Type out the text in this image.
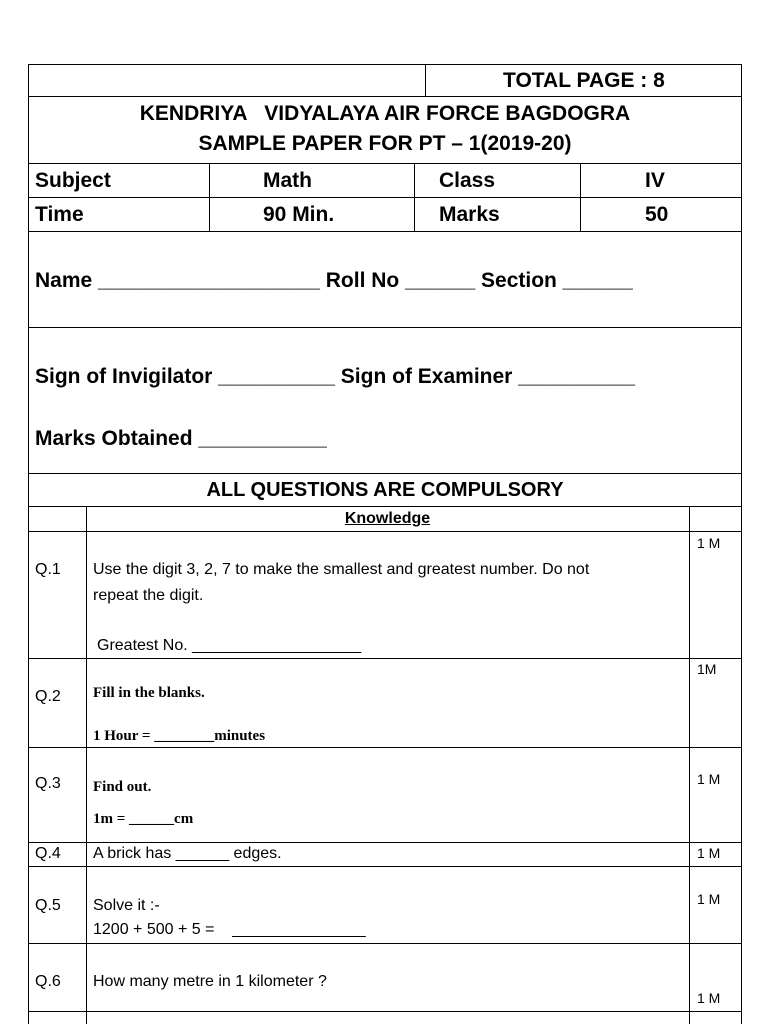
TOTAL PAGE : 8
KENDRIYA   VIDYALAYA AIR FORCE BAGDOGRA
SAMPLE PAPER FOR PT – 1(2019-20)
Subject	Math	Class	IV
Time	90 Min.	Marks	50
Name ___________________ Roll No ______ Section ______
Sign of Invigilator __________ Sign of Examiner __________
Marks Obtained ___________
ALL QUESTIONS ARE COMPULSORY
Knowledge
Q.1 Use the digit 3, 2, 7 to make the smallest and greatest number. Do not
repeat the digit.
Greatest No. ___________________
1 M
Q.2 Fill in the blanks.
1 Hour = ________minutes
1M
Q.3 Find out.
1m = ______cm
1 M
Q.4 A brick has ______ edges.	1 M
Q.5 Solve it :-
1200 + 500 + 5 =    _______________
1 M
Q.6 How many metre in 1 kilometer ?
1 M
